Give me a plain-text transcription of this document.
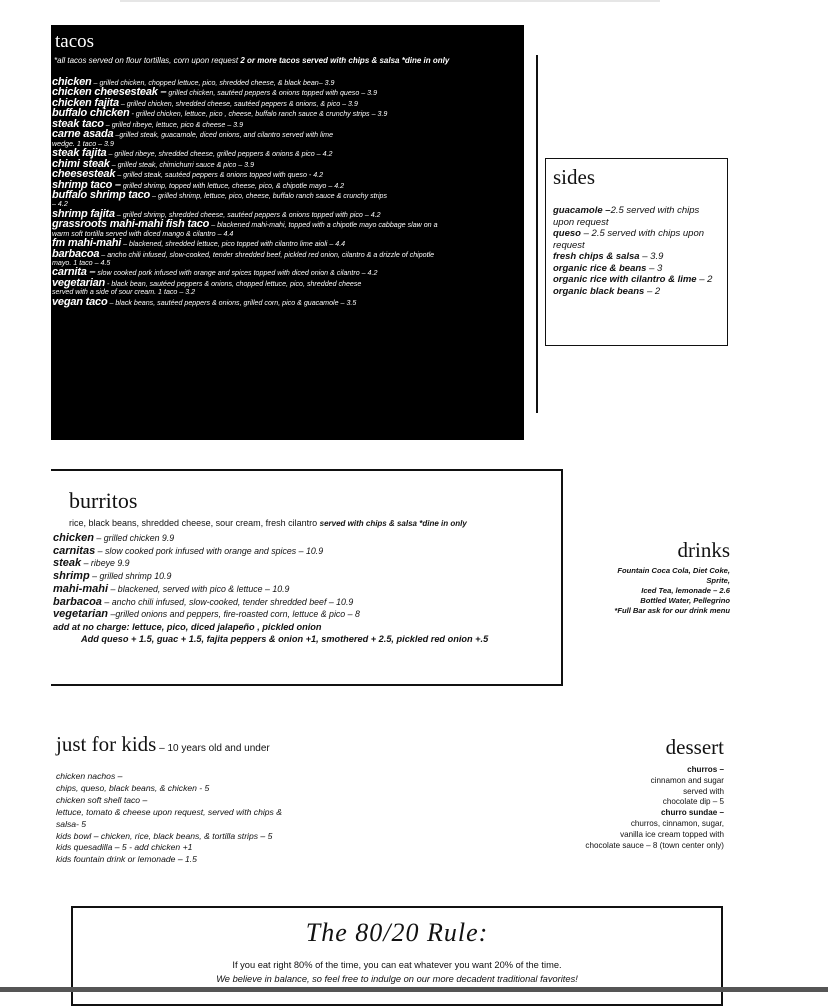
tacos
*all tacos served on flour tortillas, corn upon request 2 or more tacos served with chips & salsa *dine in only
chicken – grilled chicken, chopped lettuce, pico, shredded cheese, & black bean– 3.9
chicken cheesesteak – grilled chicken, sautéed peppers & onions topped with queso – 3.9
chicken fajita – grilled chicken, shredded cheese, sautéed peppers & onions, & pico – 3.9
buffalo chicken - grilled chicken, lettuce, pico , cheese, buffalo ranch sauce & crunchy strips – 3.9
steak taco – grilled ribeye, lettuce, pico & cheese – 3.9
carne asada –grilled steak, guacamole, diced onions, and cilantro served with lime wedge. 1 taco – 3.9
steak fajita – grilled ribeye, shredded cheese, grilled peppers & onions & pico – 4.2
chimi steak – grilled steak, chimichurri sauce & pico – 3.9
cheesesteak – grilled steak, sautéed peppers & onions topped with queso - 4.2
shrimp taco – grilled shrimp, topped with lettuce, cheese, pico, & chipotle mayo – 4.2
buffalo shrimp taco – grilled shrimp, lettuce, pico, cheese, buffalo ranch sauce & crunchy strips – 4.2
shrimp fajita – grilled shrimp, shredded cheese, sautéed peppers & onions topped with pico – 4.2
grassroots mahi-mahi fish taco – blackened mahi-mahi, topped with a chipotle mayo cabbage slaw on a warm soft tortilla served with diced mango & cilantro – 4.4
fm mahi-mahi – blackened, shredded lettuce, pico topped with cilantro lime aioli – 4.4
barbacoa – ancho chili infused, slow-cooked, tender shredded beef, pickled red onion, cilantro & a drizzle of chipotle mayo. 1 taco – 4.5
carnita – slow cooked pork infused with orange and spices topped with diced onion & cilantro – 4.2
vegetarian - black bean, sautéed peppers & onions, chopped lettuce, pico, shredded cheese served with a side of sour cream. 1 taco – 3.2
vegan taco – black beans, sautéed peppers & onions, grilled corn, pico & guacamole – 3.5
sides
guacamole –2.5 served with chips upon request
queso – 2.5 served with chips upon request
fresh chips & salsa – 3.9
organic rice & beans – 3
organic rice with cilantro & lime – 2
organic black beans – 2
burritos
rice, black beans, shredded cheese, sour cream, fresh cilantro served with chips & salsa *dine in only
chicken – grilled chicken 9.9
carnitas – slow cooked pork infused with orange and spices – 10.9
steak – ribeye 9.9
shrimp – grilled shrimp 10.9
mahi-mahi – blackened, served with pico & lettuce – 10.9
barbacoa – ancho chili infused, slow-cooked, tender shredded beef – 10.9
vegetarian –grilled onions and peppers, fire-roasted corn, lettuce & pico – 8
add at no charge: lettuce, pico, diced jalapeño , pickled onion
Add queso + 1.5, guac + 1.5, fajita peppers & onion +1, smothered + 2.5, pickled red onion +.5
drinks
Fountain Coca Cola, Diet Coke,
Sprite,
Iced Tea, lemonade – 2.6
Bottled Water, Pellegrino
*Full Bar ask for our drink menu
just for kids – 10 years old and under
chicken nachos –
chips, queso, black beans, & chicken - 5
chicken soft shell taco –
lettuce, tomato & cheese upon request, served with chips &
salsa- 5
kids bowl – chicken, rice, black beans, & tortilla strips – 5
kids quesadilla – 5 - add chicken +1
kids fountain drink or lemonade – 1.5
dessert
churros –
cinnamon and sugar
served with
chocolate dip – 5
churro sundae –
churros, cinnamon, sugar,
vanilla ice cream topped with
chocolate sauce – 8 (town center only)
The 80/20 Rule:
If you eat right 80% of the time, you can eat whatever you want 20% of the time.
We believe in balance, so feel free to indulge on our more decadent traditional favorites!
